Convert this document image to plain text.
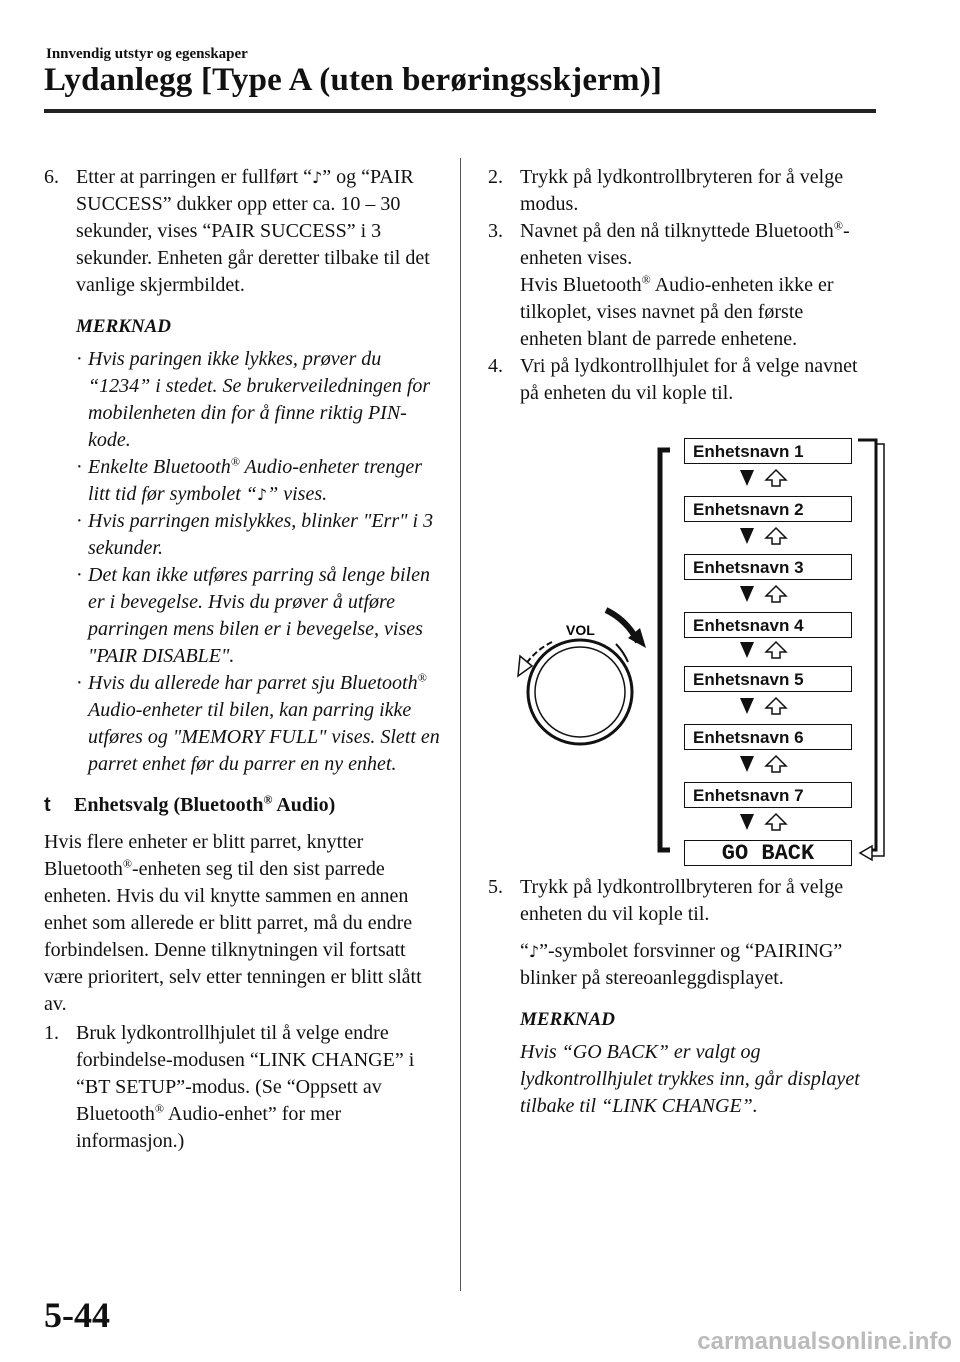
Innvendig utstyr og egenskaper
Lydanlegg [Type A (uten berøringsskjerm)]
6. Etter at parringen er fullført “♪” og “PAIR SUCCESS” dukker opp etter ca. 10 – 30 sekunder, vises “PAIR SUCCESS” i 3 sekunder. Enheten går deretter tilbake til det vanlige skjermbildet.
MERKNAD
· Hvis paringen ikke lykkes, prøver du “1234” i stedet. Se brukerveiledningen for mobilenheten din for å finne riktig PIN-kode.
· Enkelte Bluetooth® Audio-enheter trenger litt tid før symbolet “♪” vises.
· Hvis parringen mislykkes, blinker "Err" i 3 sekunder.
· Det kan ikke utføres parring så lenge bilen er i bevegelse. Hvis du prøver å utføre parringen mens bilen er i bevegelse, vises "PAIR DISABLE".
· Hvis du allerede har parret sju Bluetooth® Audio-enheter til bilen, kan parring ikke utføres og "MEMORY FULL" vises. Slett en parret enhet før du parrer en ny enhet.
t Enhetsvalg (Bluetooth® Audio)

Hvis flere enheter er blitt parret, knytter Bluetooth®-enheten seg til den sist parrede enheten. Hvis du vil knytte sammen en annen enhet som allerede er blitt parret, må du endre forbindelsen. Denne tilknytningen vil fortsatt være prioritert, selv etter tenningen er blitt slått av.

1. Bruk lydkontrollhjulet til å velge endre forbindelse-modusen “LINK CHANGE” i “BT SETUP”-modus. (Se “Oppsett av Bluetooth® Audio-enhet” for mer informasjon.)
2. Trykk på lydkontrollbryteren for å velge modus.
3. Navnet på den nå tilknyttede Bluetooth®-enheten vises.

Hvis Bluetooth® Audio-enheten ikke er tilkoplet, vises navnet på den første enheten blant de parrede enhetene.

4. Vri på lydkontrollhjulet for å velge navnet på enheten du vil kople til.
VOL
Enhetsnavn 1
Enhetsnavn 2
Enhetsnavn 3
Enhetsnavn 4
Enhetsnavn 5
Enhetsnavn 6
Enhetsnavn 7
GO BACK
5. Trykk på lydkontrollbryteren for å velge enheten du vil kople til.

“♪”-symbolet forsvinner og “PAIRING” blinker på stereoanleggdisplayet.

MERKNAD

Hvis “GO BACK” er valgt og lydkontrollhjulet trykkes inn, går displayet tilbake til “LINK CHANGE”.

5-44
carmanualsonline.info
